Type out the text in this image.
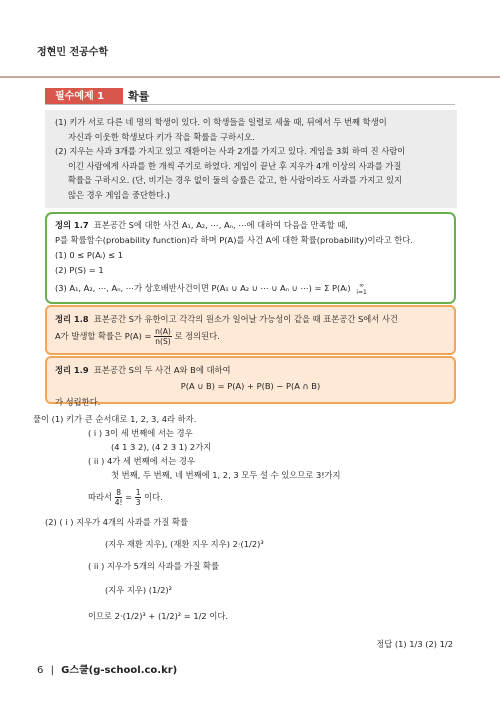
정현민 전공수학
필수예제 1	확률

(1) 키가 서로 다른 네 명의 학생이 있다. 이 학생들을 일렬로 세울 때, 뒤에서 두 번째 학생이

자신과 이웃한 학생보다 키가 작을 확률을 구하시오.

(2) 지우는 사과 3개를 가지고 있고 재환이는 사과 2개를 가지고 있다. 게임을 3회 하여 진 사람이

이긴 사람에게 사과를 한 개씩 주기로 하였다. 게임이 끝난 후 지우가 4개 이상의 사과를 가질

확률을 구하시오. (단, 비기는 경우 없이 둘의 승률은 같고, 한 사람이라도 사과를 가지고 있지

않은 경우 게임을 중단한다.)

정의 1.7 표본공간 S에 대한 사건 A₁, A₂, ⋯, Aₙ, ⋯에 대하여 다음을 만족할 때,

P를 확률함수(probability function)라 하며 P(A)를 사건 A에 대한 확률(probability)이라고 한다.

(1) 0 ≤ P(Aᵢ) ≤ 1

(2) P(S) = 1

(3) A₁, A₂, ⋯, Aₙ, ⋯가 상호배반사건이면 P(A₁ ∪ A₂ ∪ ⋯ ∪ Aₙ ∪ ⋯) = Σ P(Aᵢ)	∞
i=1

정리 1.8 표본공간 S가 유한이고 각각의 원소가 일어날 가능성이 같을 때 표본공간 S에서 사건

A가 발생할 확률은 $P(A) = \frac{n(A)}{n(S)}$ 로 정의된다.

정리 1.9 표본공간 S의 두 사건 A와 B에 대하여

P(A ∪ B) = P(A) + P(B) − P(A ∩ B)

가 성립한다.

풀이 (1) 키가 큰 순서대로 1, 2, 3, 4라 하자.

( i ) 3이 세 번째에 서는 경우

(4 1 3 2), (4 2 3 1) 2가지

( ii ) 4가 세 번째에 서는 경우

첫 번째, 두 번째, 네 번째에 1, 2, 3 모두 설 수 있으므로 3!가지

따라서 $\frac{8}{4!} = \frac{1}{3}$ 이다.

(2) ( i ) 지우가 4개의 사과를 가질 확률

(지우 재환 지우), (재환 지우 지우) 2·(1/2)³

( ii ) 지우가 5개의 사과를 가질 확률

(지우 지우) (1/2)²

이므로 2·(1/2)³ + (1/2)² = 1/2 이다.

정답 (1) 1/3 (2) 1/2

6 | G스쿨(g-school.co.kr)
